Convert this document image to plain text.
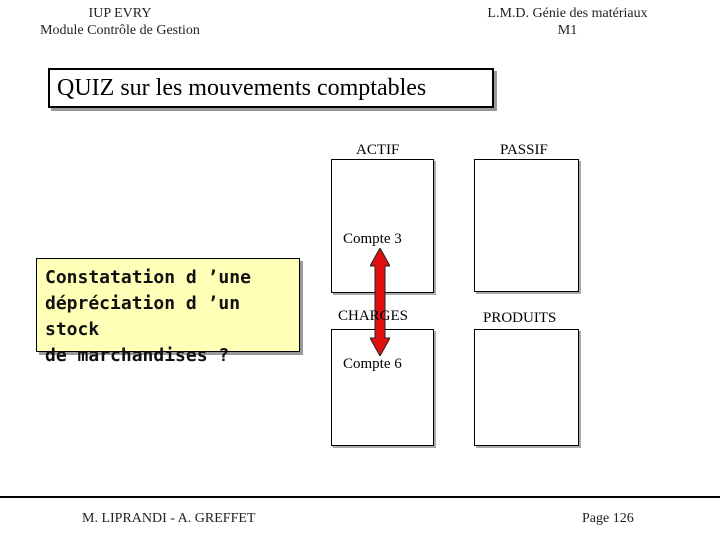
IUP EVRY
Module Contrôle de Gestion
L.M.D. Génie des matériaux
M1
QUIZ sur les mouvements comptables
ACTIF	PASSIF
Compte 3
CHARGES	PRODUITS
Compte 6
Constatation d ’une
dépréciation d ’un stock
de marchandises ?
M. LIPRANDI - A. GREFFET	Page 126
